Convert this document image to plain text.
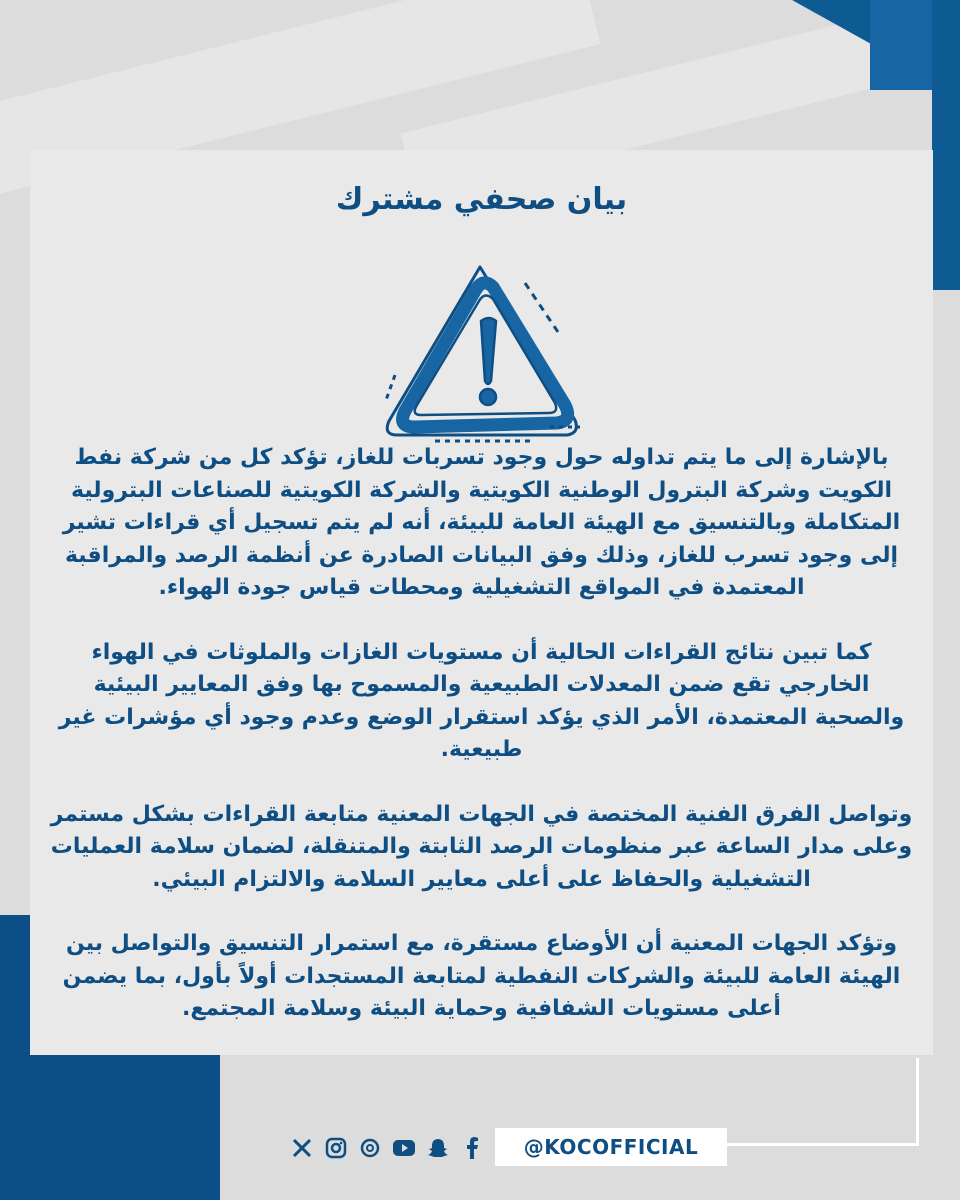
بيان صحفي مشترك

بالإشارة إلى ما يتم تداوله حول وجود تسربات للغاز، تؤكد كل من شركة نفط الكويت وشركة البترول الوطنية الكويتية والشركة الكويتية للصناعات البترولية المتكاملة وبالتنسيق مع الهيئة العامة للبيئة، أنه لم يتم تسجيل أي قراءات تشير إلى وجود تسرب للغاز، وذلك وفق البيانات الصادرة عن أنظمة الرصد والمراقبة المعتمدة في المواقع التشغيلية ومحطات قياس جودة الهواء.

كما تبين نتائج القراءات الحالية أن مستويات الغازات والملوثات في الهواء الخارجي تقع ضمن المعدلات الطبيعية والمسموح بها وفق المعايير البيئية والصحية المعتمدة، الأمر الذي يؤكد استقرار الوضع وعدم وجود أي مؤشرات غير طبيعية.

وتواصل الفرق الفنية المختصة في الجهات المعنية متابعة القراءات بشكل مستمر وعلى مدار الساعة عبر منظومات الرصد الثابتة والمتنقلة، لضمان سلامة العمليات التشغيلية والحفاظ على أعلى معايير السلامة والالتزام البيئي.

وتؤكد الجهات المعنية أن الأوضاع مستقرة، مع استمرار التنسيق والتواصل بين الهيئة العامة للبيئة والشركات النفطية لمتابعة المستجدات أولاً بأول، بما يضمن أعلى مستويات الشفافية وحماية البيئة وسلامة المجتمع.

@KOCOFFICIAL
